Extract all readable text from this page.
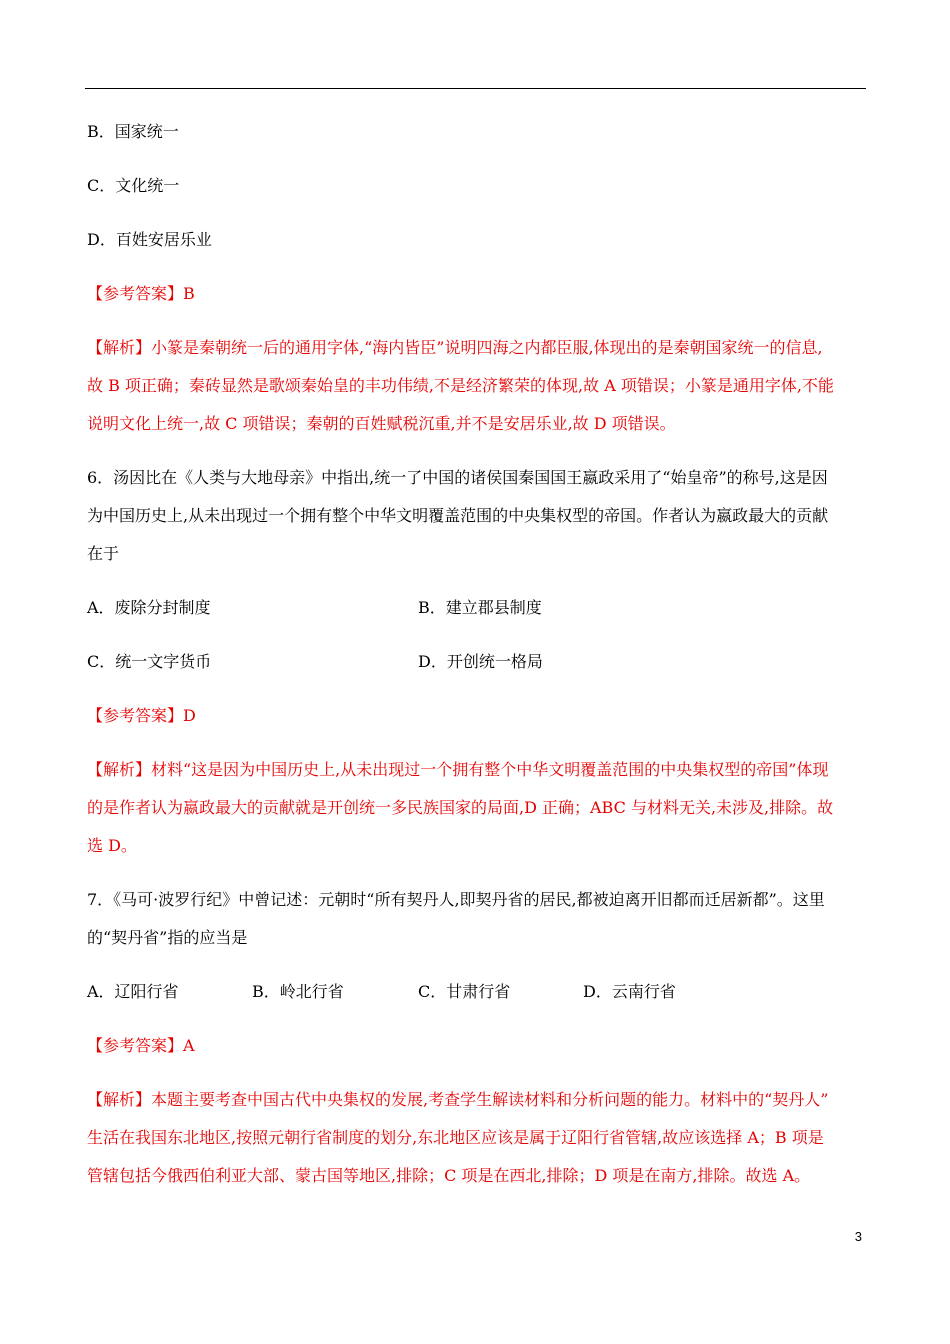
B．国家统一
C．文化统一
D．百姓安居乐业
【参考答案】B
【解析】小篆是秦朝统一后的通用字体,“海内皆臣”说明四海之内都臣服,体现出的是秦朝国家统一的信息,
故 B 项正确；秦砖显然是歌颂秦始皇的丰功伟绩,不是经济繁荣的体现,故 A 项错误；小篆是通用字体,不能
说明文化上统一,故 C 项错误；秦朝的百姓赋税沉重,并不是安居乐业,故 D 项错误。
6．汤因比在《人类与大地母亲》中指出,统一了中国的诸侯国秦国国王嬴政采用了“始皇帝”的称号,这是因
为中国历史上,从未出现过一个拥有整个中华文明覆盖范围的中央集权型的帝国。作者认为嬴政最大的贡献
在于
A．废除分封制度	B．建立郡县制度
C．统一文字货币	D．开创统一格局
【参考答案】D
【解析】材料“这是因为中国历史上,从未出现过一个拥有整个中华文明覆盖范围的中央集权型的帝国”体现
的是作者认为嬴政最大的贡献就是开创统一多民族国家的局面,D 正确；ABC 与材料无关,未涉及,排除。故
选 D。
7．《马可·波罗行纪》中曾记述：元朝时“所有契丹人,即契丹省的居民,都被迫离开旧都而迁居新都”。这里
的“契丹省”指的应当是
A．辽阳行省	B．岭北行省	C．甘肃行省	D．云南行省
【参考答案】A
【解析】本题主要考查中国古代中央集权的发展,考查学生解读材料和分析问题的能力。材料中的“契丹人”
生活在我国东北地区,按照元朝行省制度的划分,东北地区应该是属于辽阳行省管辖,故应该选择 A；B 项是
管辖包括今俄西伯利亚大部、蒙古国等地区,排除；C 项是在西北,排除；D 项是在南方,排除。故选 A。
3
